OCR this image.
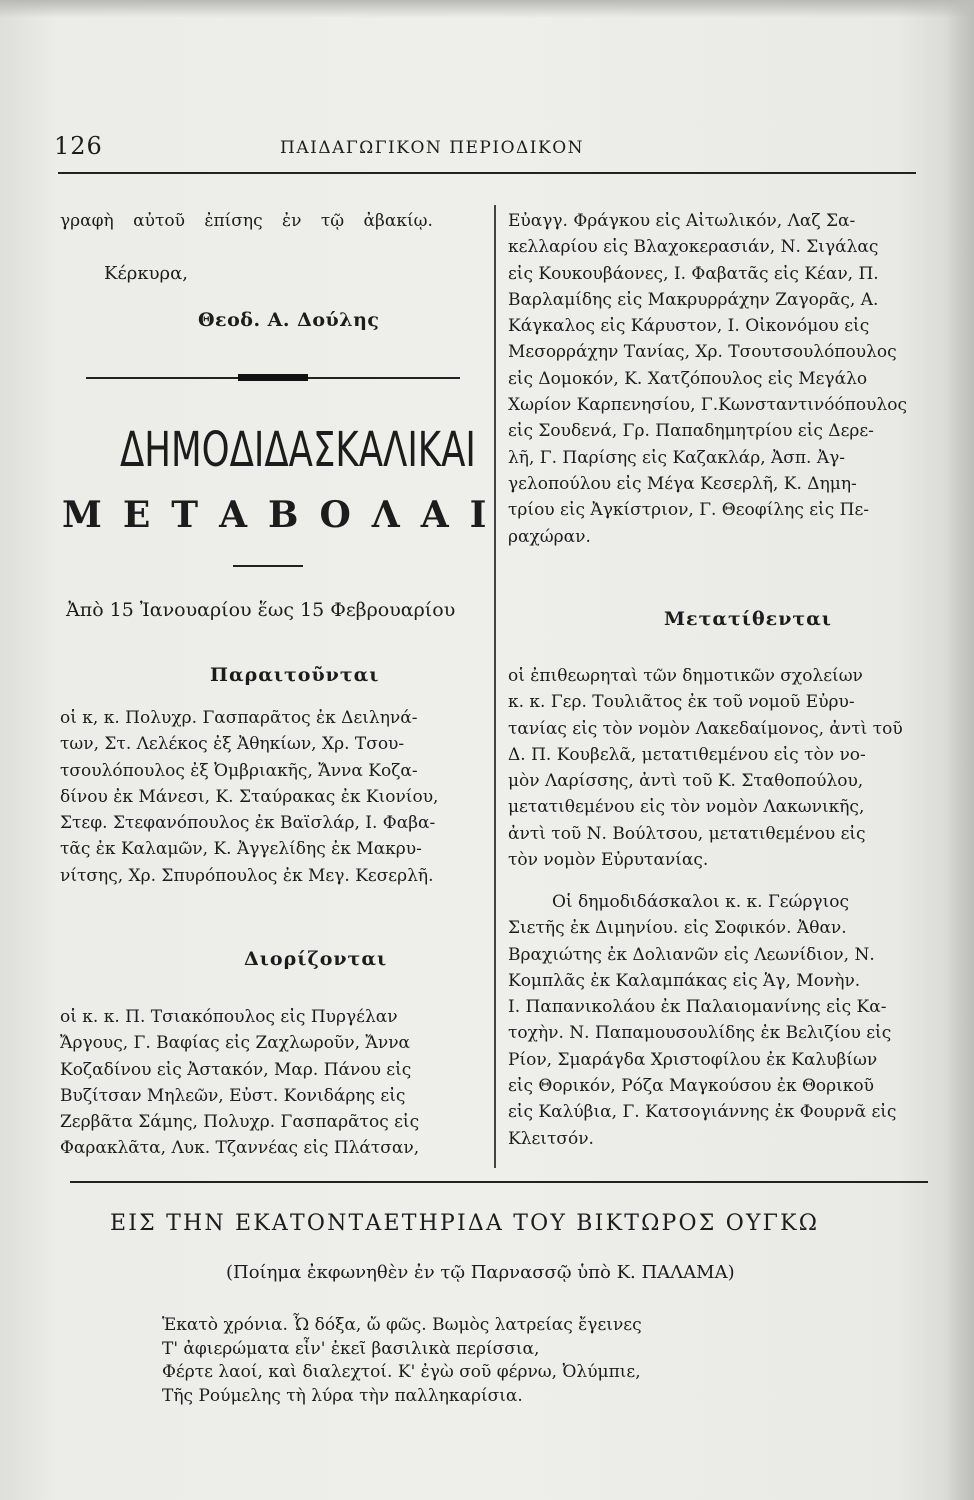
126	ΠΑΙΔΑΓΩΓΙΚΟΝ ΠΕΡΙΟΔΙΚΟΝ

γραφὴ αὐτοῦ ἐπίσης ἐν τῷ ἀβακίῳ.

Κέρκυρα,

Θεοδ. Α. Δούλης

ΔΗΜΟΔΙΔΑΣΚΑΛΙΚΑΙ
ΜΕΤΑΒΟΛΑΙ

Ἀπὸ 15 Ἰανουαρίου ἕως 15 Φεβρουαρίου

Παραιτοῦνται
οἱ κ, κ. Πολυχρ. Γασπαρᾶτος ἐκ Δειληνά-
των, Στ. Λελέκος ἐξ Ἀθηκίων, Χρ. Τσου-
τσουλόπουλος ἐξ Ὀμβριακῆς, Ἄννα Κοζα-
δίνου ἐκ Μάνεσι, Κ. Σταύρακας ἐκ Κιονίου,
Στεφ. Στεφανόπουλος ἐκ Βαϊσλάρ, Ι. Φαβα-
τᾶς ἐκ Καλαμῶν, Κ. Ἀγγελίδης ἐκ Μακρυ-
νίτσης, Χρ. Σπυρόπουλος ἐκ Μεγ. Κεσερλῆ.
Διορίζονται
οἱ κ. κ. Π. Τσιακόπουλος εἰς Πυργέλαν
Ἄργους, Γ. Βαφίας εἰς Ζαχλωροῦν, Ἄννα
Κοζαδίνου εἰς Ἀστακόν, Μαρ. Πάνου εἰς
Βυζίτσαν Μηλεῶν, Εὐστ. Κονιδάρης εἰς
Ζερβᾶτα Σάμης, Πολυχρ. Γασπαρᾶτος εἰς
Φαρακλᾶτα, Λυκ. Τζαννέας εἰς Πλάτσαν,
Εὐαγγ. Φράγκου εἰς Αἰτωλικόν, Λαζ Σα-
κελλαρίου εἰς Βλαχοκερασιάν, Ν. Σιγάλας
εἰς Κουκουβάονες, Ι. Φαβατᾶς εἰς Κέαν, Π.
Βαρλαμίδης εἰς Μακρυρράχην Ζαγορᾶς, Α.
Κάγκαλος εἰς Κάρυστον, Ι. Οἰκονόμου εἰς
Μεσορράχην Τανίας, Χρ. Τσουτσουλόπουλος
εἰς Δομοκόν, Κ. Χατζόπουλος εἰς Μεγάλο
Χωρίον Καρπενησίου, Γ.Κωνσταντινόόπουλος
εἰς Σουδενά, Γρ. Παπαδημητρίου εἰς Δερε-
λῆ, Γ. Παρίσης εἰς Καζακλάρ, Ἀσπ. Ἀγ-
γελοπούλου εἰς Μέγα Κεσερλῆ, Κ. Δημη-
τρίου εἰς Ἀγκίστριον, Γ. Θεοφίλης εἰς Πε-
ραχώραν.
Μετατίθενται
οἱ ἐπιθεωρηταὶ τῶν δημοτικῶν σχολείων
κ. κ. Γερ. Τουλιᾶτος ἐκ τοῦ νομοῦ Εὐρυ-
τανίας εἰς τὸν νομὸν Λακεδαίμονος, ἀντὶ τοῦ
Δ. Π. Κουβελᾶ, μετατιθεμένου εἰς τὸν νο-
μὸν Λαρίσσης, ἀντὶ τοῦ Κ. Σταθοπούλου,
μετατιθεμένου εἰς τὸν νομὸν Λακωνικῆς,
ἀντὶ τοῦ Ν. Βούλτσου, μετατιθεμένου εἰς
τὸν νομὸν Εὐρυτανίας.
Οἱ δημοδιδάσκαλοι κ. κ. Γεώργιος
Σιετῆς ἐκ Διμηνίου. εἰς Σοφικόν. Ἀθαν.
Βραχιώτης ἐκ Δολιανῶν εἰς Λεωνίδιον, Ν.
Κομπλᾶς ἐκ Καλαμπάκας εἰς Ἁγ, Μονὴν.
Ι. Παπανικολάου ἐκ Παλαιομανίνης εἰς Κα-
τοχὴν. Ν. Παπαμουσουλίδης ἐκ Βελιζίου εἰς
Ρίον, Σμαράγδα Χριστοφίλου ἐκ Καλυβίων
εἰς Θορικόν, Ρόζα Μαγκούσου ἐκ Θορικοῦ
εἰς Καλύβια, Γ. Κατσογιάννης ἐκ Φουρνᾶ εἰς
Κλειτσόν.
ΕΙΣ ΤΗΝ ΕΚΑΤΟΝΤΑΕΤΗΡΙΔΑ ΤΟΥ ΒΙΚΤΩΡΟΣ ΟΥΓΚΩ
(Ποίημα ἐκφωνηθὲν ἐν τῷ Παρνασσῷ ὑπὸ Κ. ΠΑΛΑΜΑ)
Ἑκατὸ χρόνια. Ὦ δόξα, ὤ φῶς. Βωμὸς λατρείας ἔγεινες
Τ' ἀφιερώματα εἶν' ἐκεῖ βασιλικὰ περίσσια,
Φέρτε λαοί, καὶ διαλεχτοί. Κ' ἐγὼ σοῦ φέρνω, Ὀλύμπιε,
Τῆς Ρούμελης τὴ λύρα τὴν παλληκαρίσια.
